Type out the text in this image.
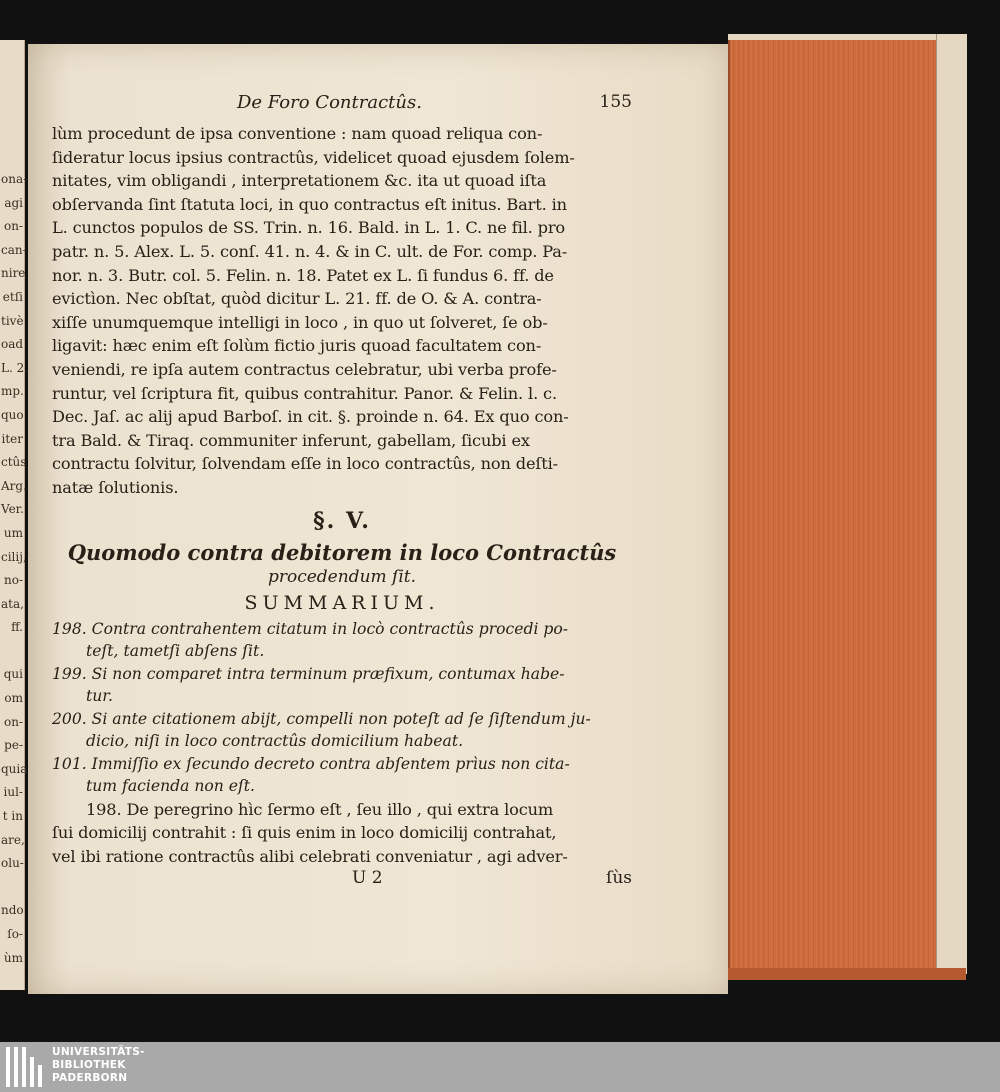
ona-
agi
on-
can-
nire
etſi
tivè
oad
L. 2.
mp.
quo
iter
ctûs
Arg.
Ver.
um
cilij,
no-
ata,
ff.

qui
om
on-
pe-
quia
iul-
t in
are,
olu-

ndo
ſo-
ùm
De Foro Contractûs.	155
lùm procedunt de ipsa conventione : nam quoad reliqua con-
ſideratur locus ipsius contractûs, videlicet quoad ejusdem ſolem-
nitates, vim obligandi , interpretationem &c. ita ut quoad iſta
obſervanda ſint ſtatuta loci, in quo contractus eſt initus. Bart. in
L. cunctos populos de SS. Trin. n. 16. Bald. in L. 1. C. ne fil. pro
patr. n. 5. Alex. L. 5. conſ. 41. n. 4. & in C. ult. de For. comp. Pa-
nor. n. 3. Butr. col. 5. Felin. n. 18. Patet ex L. ſi fundus 6. ff. de
evictìon. Nec obſtat, quòd dicitur L. 21. ff. de O. & A. contra-
xiſſe unumquemque intelligi in loco , in quo ut ſolveret, ſe ob-
ligavit: hæc enim eſt ſolùm fictio juris quoad facultatem con-
veniendi, re ipſa autem contractus celebratur, ubi verba profe-
runtur, vel ſcriptura fit, quibus contrahitur. Panor. & Felin. l. c.
Dec. Jaſ. ac alij apud Barboſ. in cit. §. proinde n. 64. Ex quo con-
tra Bald. & Tiraq. communiter inferunt, gabellam, ſicubi ex
contractu ſolvitur, ſolvendam eſſe in loco contractûs, non deſti-
natæ ſolutionis.
§. V.
Quomodo contra debitorem in loco Contractûs
procedendum ſit.
SUMMARIUM.
198. Contra contrahentem citatum in locò contractûs procedi po-
teſt, tametſi abſens ſit.
199. Si non comparet intra terminum præfixum, contumax habe-
tur.
200. Si ante citationem abijt, compelli non poteſt ad ſe ſiſtendum ju-
dicio, niſi in loco contractûs domicilium habeat.
101. Immiſſio ex ſecundo decreto contra abſentem prìus non cita-
tum facienda non eſt.
198. De peregrino hìc ſermo eſt , ſeu illo , qui extra locum
ſui domicilij contrahit : ſi quis enim in loco domicilij contrahat,
vel ibi ratione contractûs alibi celebrati conveniatur , agi adver-
U 2	ſùs
UNIVERSITÄTS-
BIBLIOTHEK
PADERBORN
